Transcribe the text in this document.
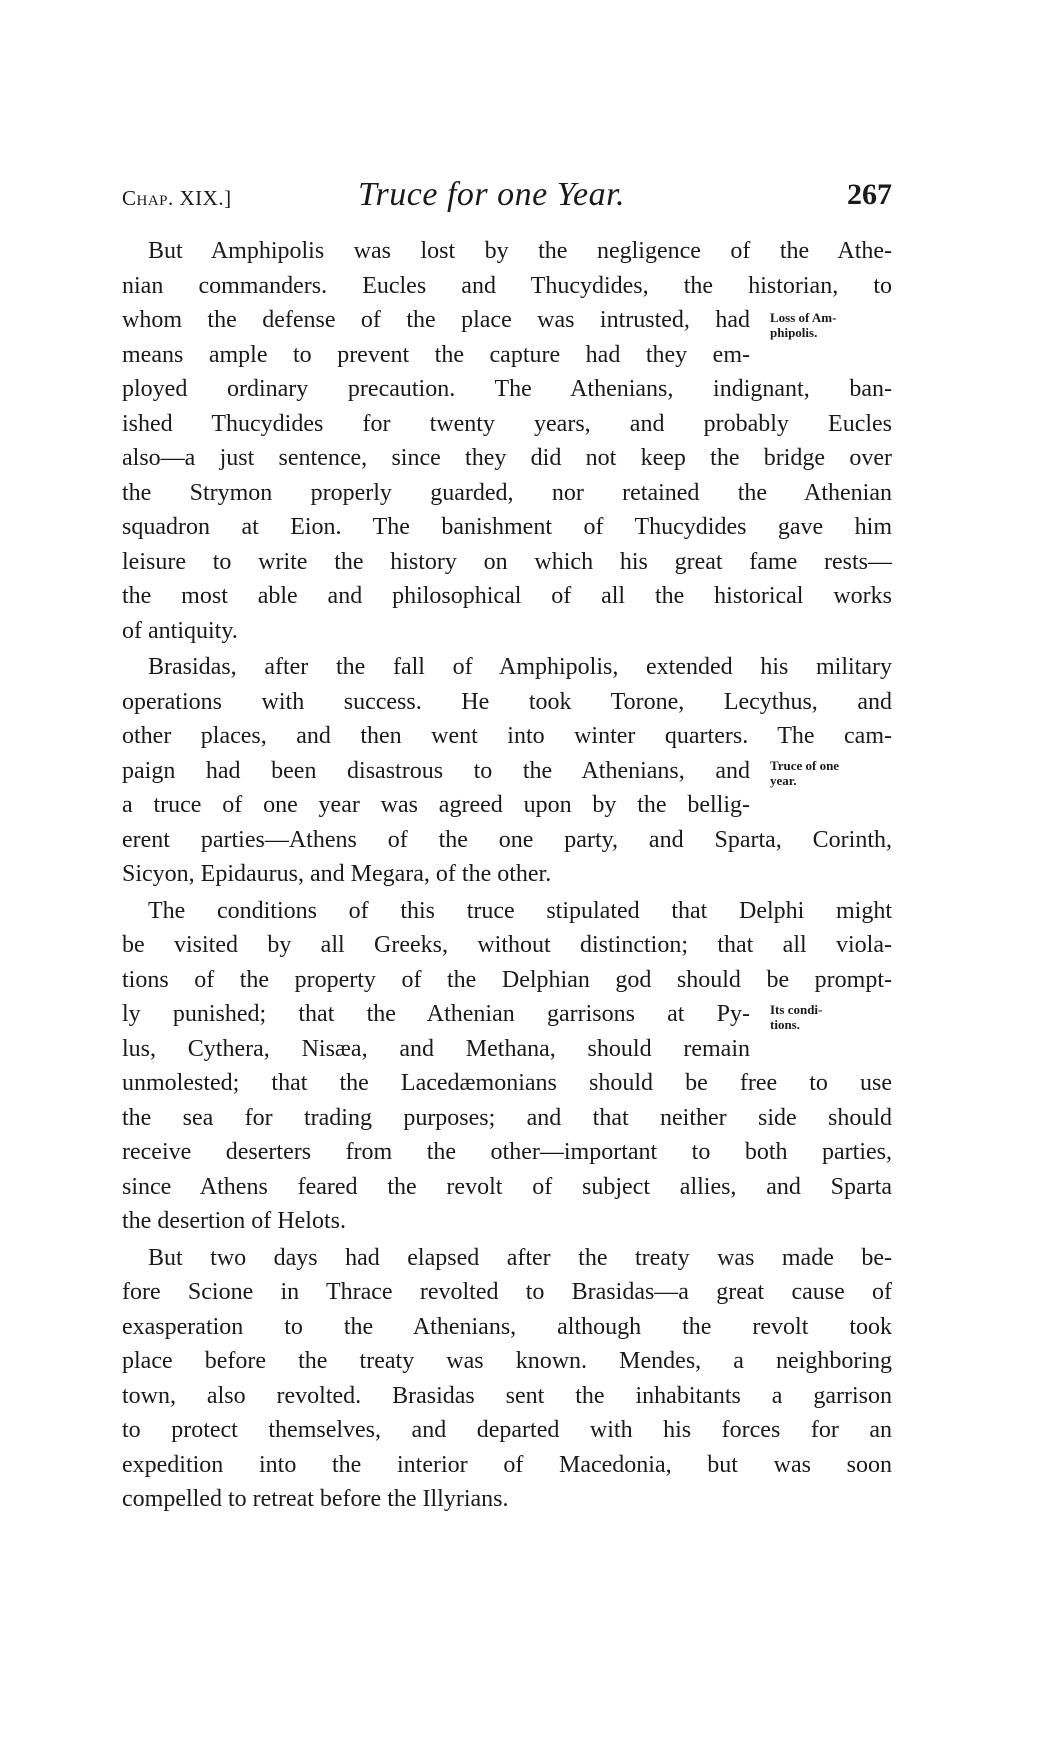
Chap. XIX.]	Truce for one Year.	267
But Amphipolis was lost by the negligence of the Athe-
nian commanders. Eucles and Thucydides, the historian, to
whom the defense of the place was intrusted, had
means ample to prevent the capture had they em-
ployed ordinary precaution. The Athenians, indignant, ban-
ished Thucydides for twenty years, and probably Eucles
also—a just sentence, since they did not keep the bridge over
the Strymon properly guarded, nor retained the Athenian
squadron at Eion. The banishment of Thucydides gave him
leisure to write the history on which his great fame rests—
the most able and philosophical of all the historical works
of antiquity.
Brasidas, after the fall of Amphipolis, extended his military
operations with success. He took Torone, Lecythus, and
other places, and then went into winter quarters. The cam-
paign had been disastrous to the Athenians, and
a truce of one year was agreed upon by the bellig-
erent parties—Athens of the one party, and Sparta, Corinth,
Sicyon, Epidaurus, and Megara, of the other.
The conditions of this truce stipulated that Delphi might
be visited by all Greeks, without distinction; that all viola-
tions of the property of the Delphian god should be prompt-
ly punished; that the Athenian garrisons at Py-
lus, Cythera, Nisæa, and Methana, should remain
unmolested; that the Lacedæmonians should be free to use
the sea for trading purposes; and that neither side should
receive deserters from the other—important to both parties,
since Athens feared the revolt of subject allies, and Sparta
the desertion of Helots.
But two days had elapsed after the treaty was made be-
fore Scione in Thrace revolted to Brasidas—a great cause of
exasperation to the Athenians, although the revolt took
place before the treaty was known. Mendes, a neighboring
town, also revolted. Brasidas sent the inhabitants a garrison
to protect themselves, and departed with his forces for an
expedition into the interior of Macedonia, but was soon
compelled to retreat before the Illyrians.
Loss of Am-
phipolis.
Truce of one
year.
Its condi-
tions.
